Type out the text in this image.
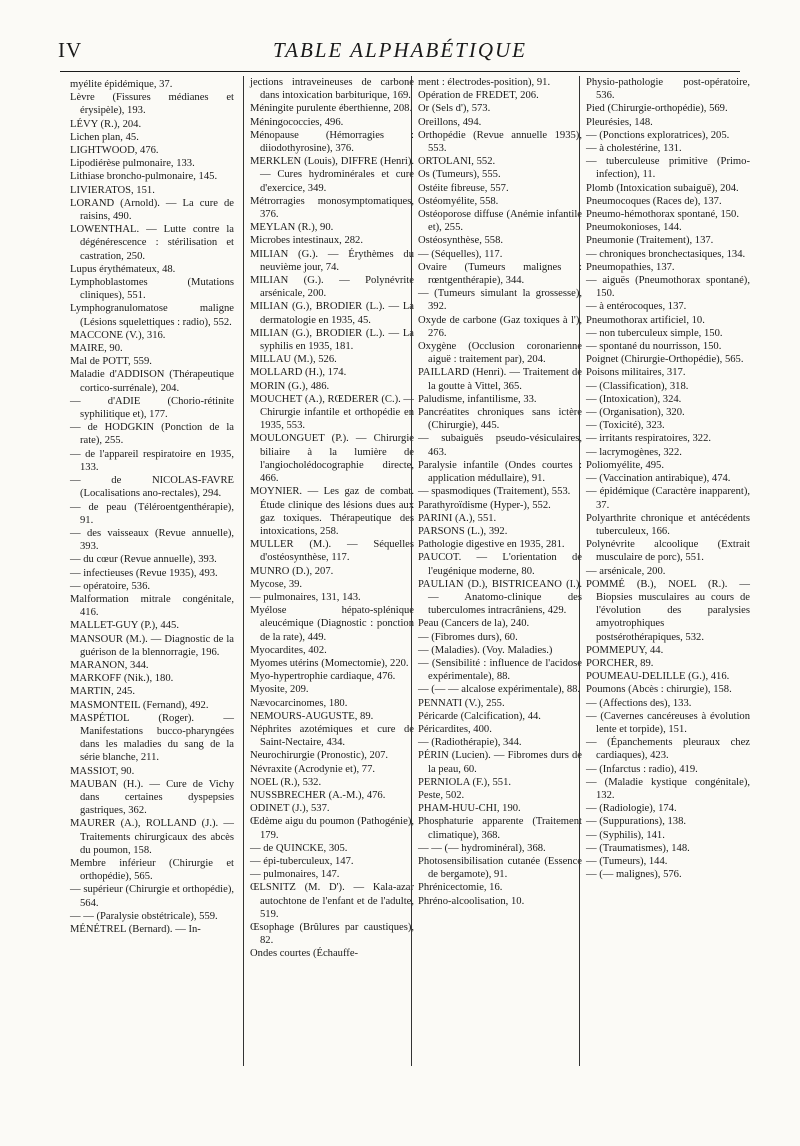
IV	TABLE ALPHABÉTIQUE

myélite épidémique, 37.

Lèvre (Fissures médianes et érysipèle), 193.

LÉVY (R.), 204.

Lichen plan, 45.

LIGHTWOOD, 476.

Lipodiérèse pulmonaire, 133.

Lithiase broncho-pulmonaire, 145.

LIVIERATOS, 151.

LORAND (Arnold). — La cure de raisins, 490.

LOWENTHAL. — Lutte contre la dégénérescence : stérilisation et castration, 250.

Lupus érythémateux, 48.

Lymphoblastomes (Mutations cliniques), 551.

Lymphogranulomatose maligne (Lésions squelettiques : radio), 552.

MACCONE (V.), 316.

MAIRE, 90.

Mal de POTT, 559.

Maladie d'ADDISON (Thérapeutique cortico-surrénale), 204.

— d'ADIE (Chorio-rétinite syphilitique et), 177.

— de HODGKIN (Ponction de la rate), 255.

— de l'appareil respiratoire en 1935, 133.

— de NICOLAS-FAVRE (Localisations ano-rectales), 294.

— de peau (Téléroentgenthérapie), 91.

— des vaisseaux (Revue annuelle), 393.

— du cœur (Revue annuelle), 393.

— infectieuses (Revue 1935), 493.

— opératoire, 536.

Malformation mitrale congénitale, 416.

MALLET-GUY (P.), 445.

MANSOUR (M.). — Diagnostic de la guérison de la blennorragie, 196.

MARANON, 344.

MARKOFF (Nik.), 180.

MARTIN, 245.

MASMONTEIL (Fernand), 492.

MASPÉTIOL (Roger). — Manifestations bucco-pharyngées dans les maladies du sang de la série blanche, 211.

MASSIOT, 90.

MAUBAN (H.). — Cure de Vichy dans certaines dyspepsies gastriques, 362.

MAURER (A.), ROLLAND (J.). — Traitements chirurgicaux des abcès du poumon, 158.

Membre inférieur (Chirurgie et orthopédie), 565.

— supérieur (Chirurgie et orthopédie), 564.

— — (Paralysie obstétricale), 559.

MÉNÉTREL (Bernard). — In-

jections intraveineuses de carbone dans intoxication barbiturique, 169.

Méningite purulente éberthienne, 208.

Méningococcies, 496.

Ménopause (Hémorragies : diiodothyrosine), 376.

MERKLEN (Louis), DIFFRE (Henri). — Cures hydrominérales et cure d'exercice, 349.

Métrorragies monosymptomatiques, 376.

MEYLAN (R.), 90.

Microbes intestinaux, 282.

MILIAN (G.). — Érythèmes du neuvième jour, 74.

MILIAN (G.). — Polynévrite arsénicale, 200.

MILIAN (G.), BRODIER (L.). — La dermatologie en 1935, 45.

MILIAN (G.), BRODIER (L.). — La syphilis en 1935, 181.

MILLAU (M.), 526.

MOLLARD (H.), 174.

MORIN (G.), 486.

MOUCHET (A.), RŒDERER (C.). — Chirurgie infantile et orthopédie en 1935, 553.

MOULONGUET (P.). — Chirurgie biliaire à la lumière de l'angiocholédocographie directe, 466.

MOYNIER. — Les gaz de combat. Étude clinique des lésions dues aux gaz toxiques. Thérapeutique des intoxications, 258.

MULLER (M.). — Séquelles d'ostéosynthèse, 117.

MUNRO (D.), 207.

Mycose, 39.

— pulmonaires, 131, 143.

Myélose hépato-splénique aleucémique (Diagnostic : ponction de la rate), 449.

Myocardites, 402.

Myomes utérins (Momectomie), 220.

Myo-hypertrophie cardiaque, 476.

Myosite, 209.

Nævocarcinomes, 180.

NEMOURS-AUGUSTE, 89.

Néphrites azotémiques et cure de Saint-Nectaire, 434.

Neurochirurgie (Pronostic), 207.

Névraxite (Acrodynie et), 77.

NOEL (R.), 532.

NUSSBRECHER (A.-M.), 476.

ODINET (J.), 537.

Œdème aigu du poumon (Pathogénie), 179.

— de QUINCKE, 305.

— épi-tuberculeux, 147.

— pulmonaires, 147.

ŒLSNITZ (M. D'). — Kala-azar autochtone de l'enfant et de l'adulte, 519.

Œsophage (Brûlures par caustiques), 82.

Ondes courtes (Échauffe-

ment : électrodes-position), 91.

Opération de FREDET, 206.

Or (Sels d'), 573.

Oreillons, 494.

Orthopédie (Revue annuelle 1935), 553.

ORTOLANI, 552.

Os (Tumeurs), 555.

Ostéite fibreuse, 557.

Ostéomyélite, 558.

Ostéoporose diffuse (Anémie infantile et), 255.

Ostéosynthèse, 558.

— (Séquelles), 117.

Ovaire (Tumeurs malignes : rœntgenthérapie), 344.

— (Tumeurs simulant la grossesse), 392.

Oxyde de carbone (Gaz toxiques à l'), 276.

Oxygène (Occlusion coronarienne aiguë : traitement par), 204.

PAILLARD (Henri). — Traitement de la goutte à Vittel, 365.

Paludisme, infantilisme, 33.

Pancréatites chroniques sans ictère (Chirurgie), 445.

— subaiguës pseudo-vésiculaires, 463.

Paralysie infantile (Ondes courtes : application médullaire), 91.

— spasmodiques (Traitement), 553.

Parathyroïdisme (Hyper-), 552.

PARINI (A.), 551.

PARSONS (L.), 392.

Pathologie digestive en 1935, 281.

PAUCOT. — L'orientation de l'eugénique moderne, 80.

PAULIAN (D.), BISTRICEANO (I.). — Anatomo-clinique des tuberculomes intracrâniens, 429.

Peau (Cancers de la), 240.

— (Fibromes durs), 60.

— (Maladies). (Voy. Maladies.)

— (Sensibilité : influence de l'acidose expérimentale), 88.

— (— — alcalose expérimentale), 88.

PENNATI (V.), 255.

Péricarde (Calcification), 44.

Péricardites, 400.

— (Radiothérapie), 344.

PÉRIN (Lucien). — Fibromes durs de la peau, 60.

PERNIOLA (F.), 551.

Peste, 502.

PHAM-HUU-CHI, 190.

Phosphaturie apparente (Traitement climatique), 368.

— — (— hydrominéral), 368.

Photosensibilisation cutanée (Essence de bergamote), 91.

Phrénicectomie, 16.

Phréno-alcoolisation, 10.

Physio-pathologie post-opératoire, 536.

Pied (Chirurgie-orthopédie), 569.

Pleurésies, 148.

— (Ponctions exploratrices), 205.

— à cholestérine, 131.

— tuberculeuse primitive (Primo-infection), 11.

Plomb (Intoxication subaiguë), 204.

Pneumocoques (Races de), 137.

Pneumo-hémothorax spontané, 150.

Pneumokonioses, 144.

Pneumonie (Traitement), 137.

— chroniques bronchectasiques, 134.

Pneumopathies, 137.

— aiguës (Pneumothorax spontané), 150.

— à entérocoques, 137.

Pneumothorax artificiel, 10.

— non tuberculeux simple, 150.

— spontané du nourrisson, 150.

Poignet (Chirurgie-Orthopédie), 565.

Poisons militaires, 317.

— (Classification), 318.

— (Intoxication), 324.

— (Organisation), 320.

— (Toxicité), 323.

— irritants respiratoires, 322.

— lacrymogènes, 322.

Poliomyélite, 495.

— (Vaccination antirabique), 474.

— épidémique (Caractère inapparent), 37.

Polyarthrite chronique et antécédents tuberculeux, 166.

Polynévrite alcoolique (Extrait musculaire de porc), 551.

— arsénicale, 200.

POMMÉ (B.), NOEL (R.). — Biopsies musculaires au cours de l'évolution des paralysies amyotrophiques postsérothérapiques, 532.

POMMEPUY, 44.

PORCHER, 89.

POUMEAU-DELILLE (G.), 416.

Poumons (Abcès : chirurgie), 158.

— (Affections des), 133.

— (Cavernes cancéreuses à évolution lente et torpide), 151.

— (Épanchements pleuraux chez cardiaques), 423.

— (Infarctus : radio), 419.

— (Maladie kystique congénitale), 132.

— (Radiologie), 174.

— (Suppurations), 138.

— (Syphilis), 141.

— (Traumatismes), 148.

— (Tumeurs), 144.

— (— malignes), 576.
